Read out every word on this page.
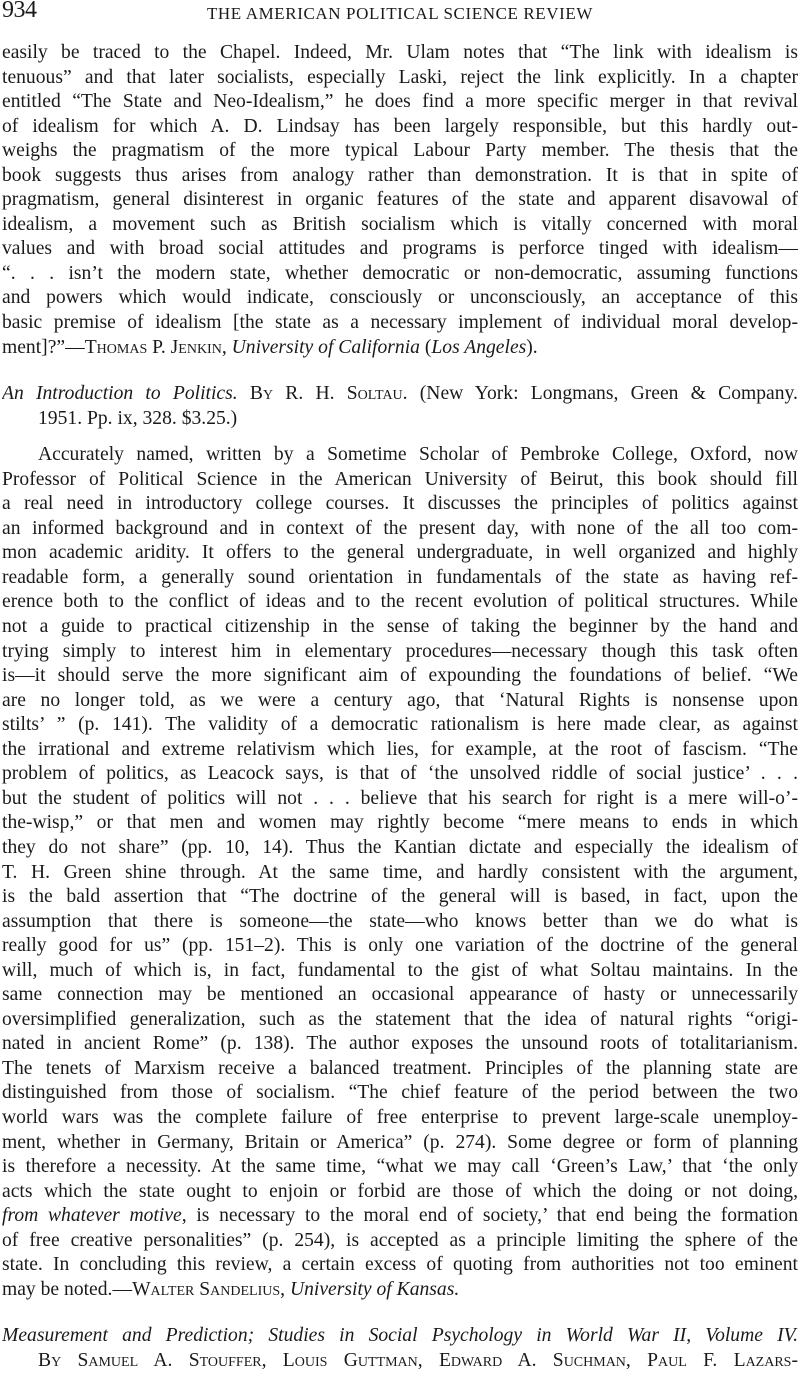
934	THE AMERICAN POLITICAL SCIENCE REVIEW
easily be traced to the Chapel. Indeed, Mr. Ulam notes that “The link with idealism is
tenuous” and that later socialists, especially Laski, reject the link explicitly. In a chapter
entitled “The State and Neo-Idealism,” he does find a more specific merger in that revival
of idealism for which A. D. Lindsay has been largely responsible, but this hardly out-
weighs the pragmatism of the more typical Labour Party member. The thesis that the
book suggests thus arises from analogy rather than demonstration. It is that in spite of
pragmatism, general disinterest in organic features of the state and apparent disavowal of
idealism, a movement such as British socialism which is vitally concerned with moral
values and with broad social attitudes and programs is perforce tinged with idealism—
“. . . isn’t the modern state, whether democratic or non-democratic, assuming functions
and powers which would indicate, consciously or unconsciously, an acceptance of this
basic premise of idealism [the state as a necessary implement of individual moral develop-
ment]?”—Thomas P. Jenkin, University of California (Los Angeles).
An Introduction to Politics. By R. H. Soltau. (New York: Longmans, Green & Company.
1951. Pp. ix, 328. $3.25.)
Accurately named, written by a Sometime Scholar of Pembroke College, Oxford, now
Professor of Political Science in the American University of Beirut, this book should fill
a real need in introductory college courses. It discusses the principles of politics against
an informed background and in context of the present day, with none of the all too com-
mon academic aridity. It offers to the general undergraduate, in well organized and highly
readable form, a generally sound orientation in fundamentals of the state as having ref-
erence both to the conflict of ideas and to the recent evolution of political structures. While
not a guide to practical citizenship in the sense of taking the beginner by the hand and
trying simply to interest him in elementary procedures—necessary though this task often
is—it should serve the more significant aim of expounding the foundations of belief. “We
are no longer told, as we were a century ago, that ‘Natural Rights is nonsense upon
stilts’ ” (p. 141). The validity of a democratic rationalism is here made clear, as against
the irrational and extreme relativism which lies, for example, at the root of fascism. “The
problem of politics, as Leacock says, is that of ‘the unsolved riddle of social justice’ . . .
but the student of politics will not . . . believe that his search for right is a mere will-o’-
the-wisp,” or that men and women may rightly become “mere means to ends in which
they do not share” (pp. 10, 14). Thus the Kantian dictate and especially the idealism of
T. H. Green shine through. At the same time, and hardly consistent with the argument,
is the bald assertion that “The doctrine of the general will is based, in fact, upon the
assumption that there is someone—the state—who knows better than we do what is
really good for us” (pp. 151–2). This is only one variation of the doctrine of the general
will, much of which is, in fact, fundamental to the gist of what Soltau maintains. In the
same connection may be mentioned an occasional appearance of hasty or unnecessarily
oversimplified generalization, such as the statement that the idea of natural rights “origi-
nated in ancient Rome” (p. 138). The author exposes the unsound roots of totalitarianism.
The tenets of Marxism receive a balanced treatment. Principles of the planning state are
distinguished from those of socialism. “The chief feature of the period between the two
world wars was the complete failure of free enterprise to prevent large-scale unemploy-
ment, whether in Germany, Britain or America” (p. 274). Some degree or form of planning
is therefore a necessity. At the same time, “what we may call ‘Green’s Law,’ that ‘the only
acts which the state ought to enjoin or forbid are those of which the doing or not doing,
from whatever motive, is necessary to the moral end of society,’ that end being the formation
of free creative personalities” (p. 254), is accepted as a principle limiting the sphere of the
state. In concluding this review, a certain excess of quoting from authorities not too eminent
may be noted.—Walter Sandelius, University of Kansas.
Measurement and Prediction; Studies in Social Psychology in World War II, Volume IV.
By Samuel A. Stouffer, Louis Guttman, Edward A. Suchman, Paul F. Lazars-
